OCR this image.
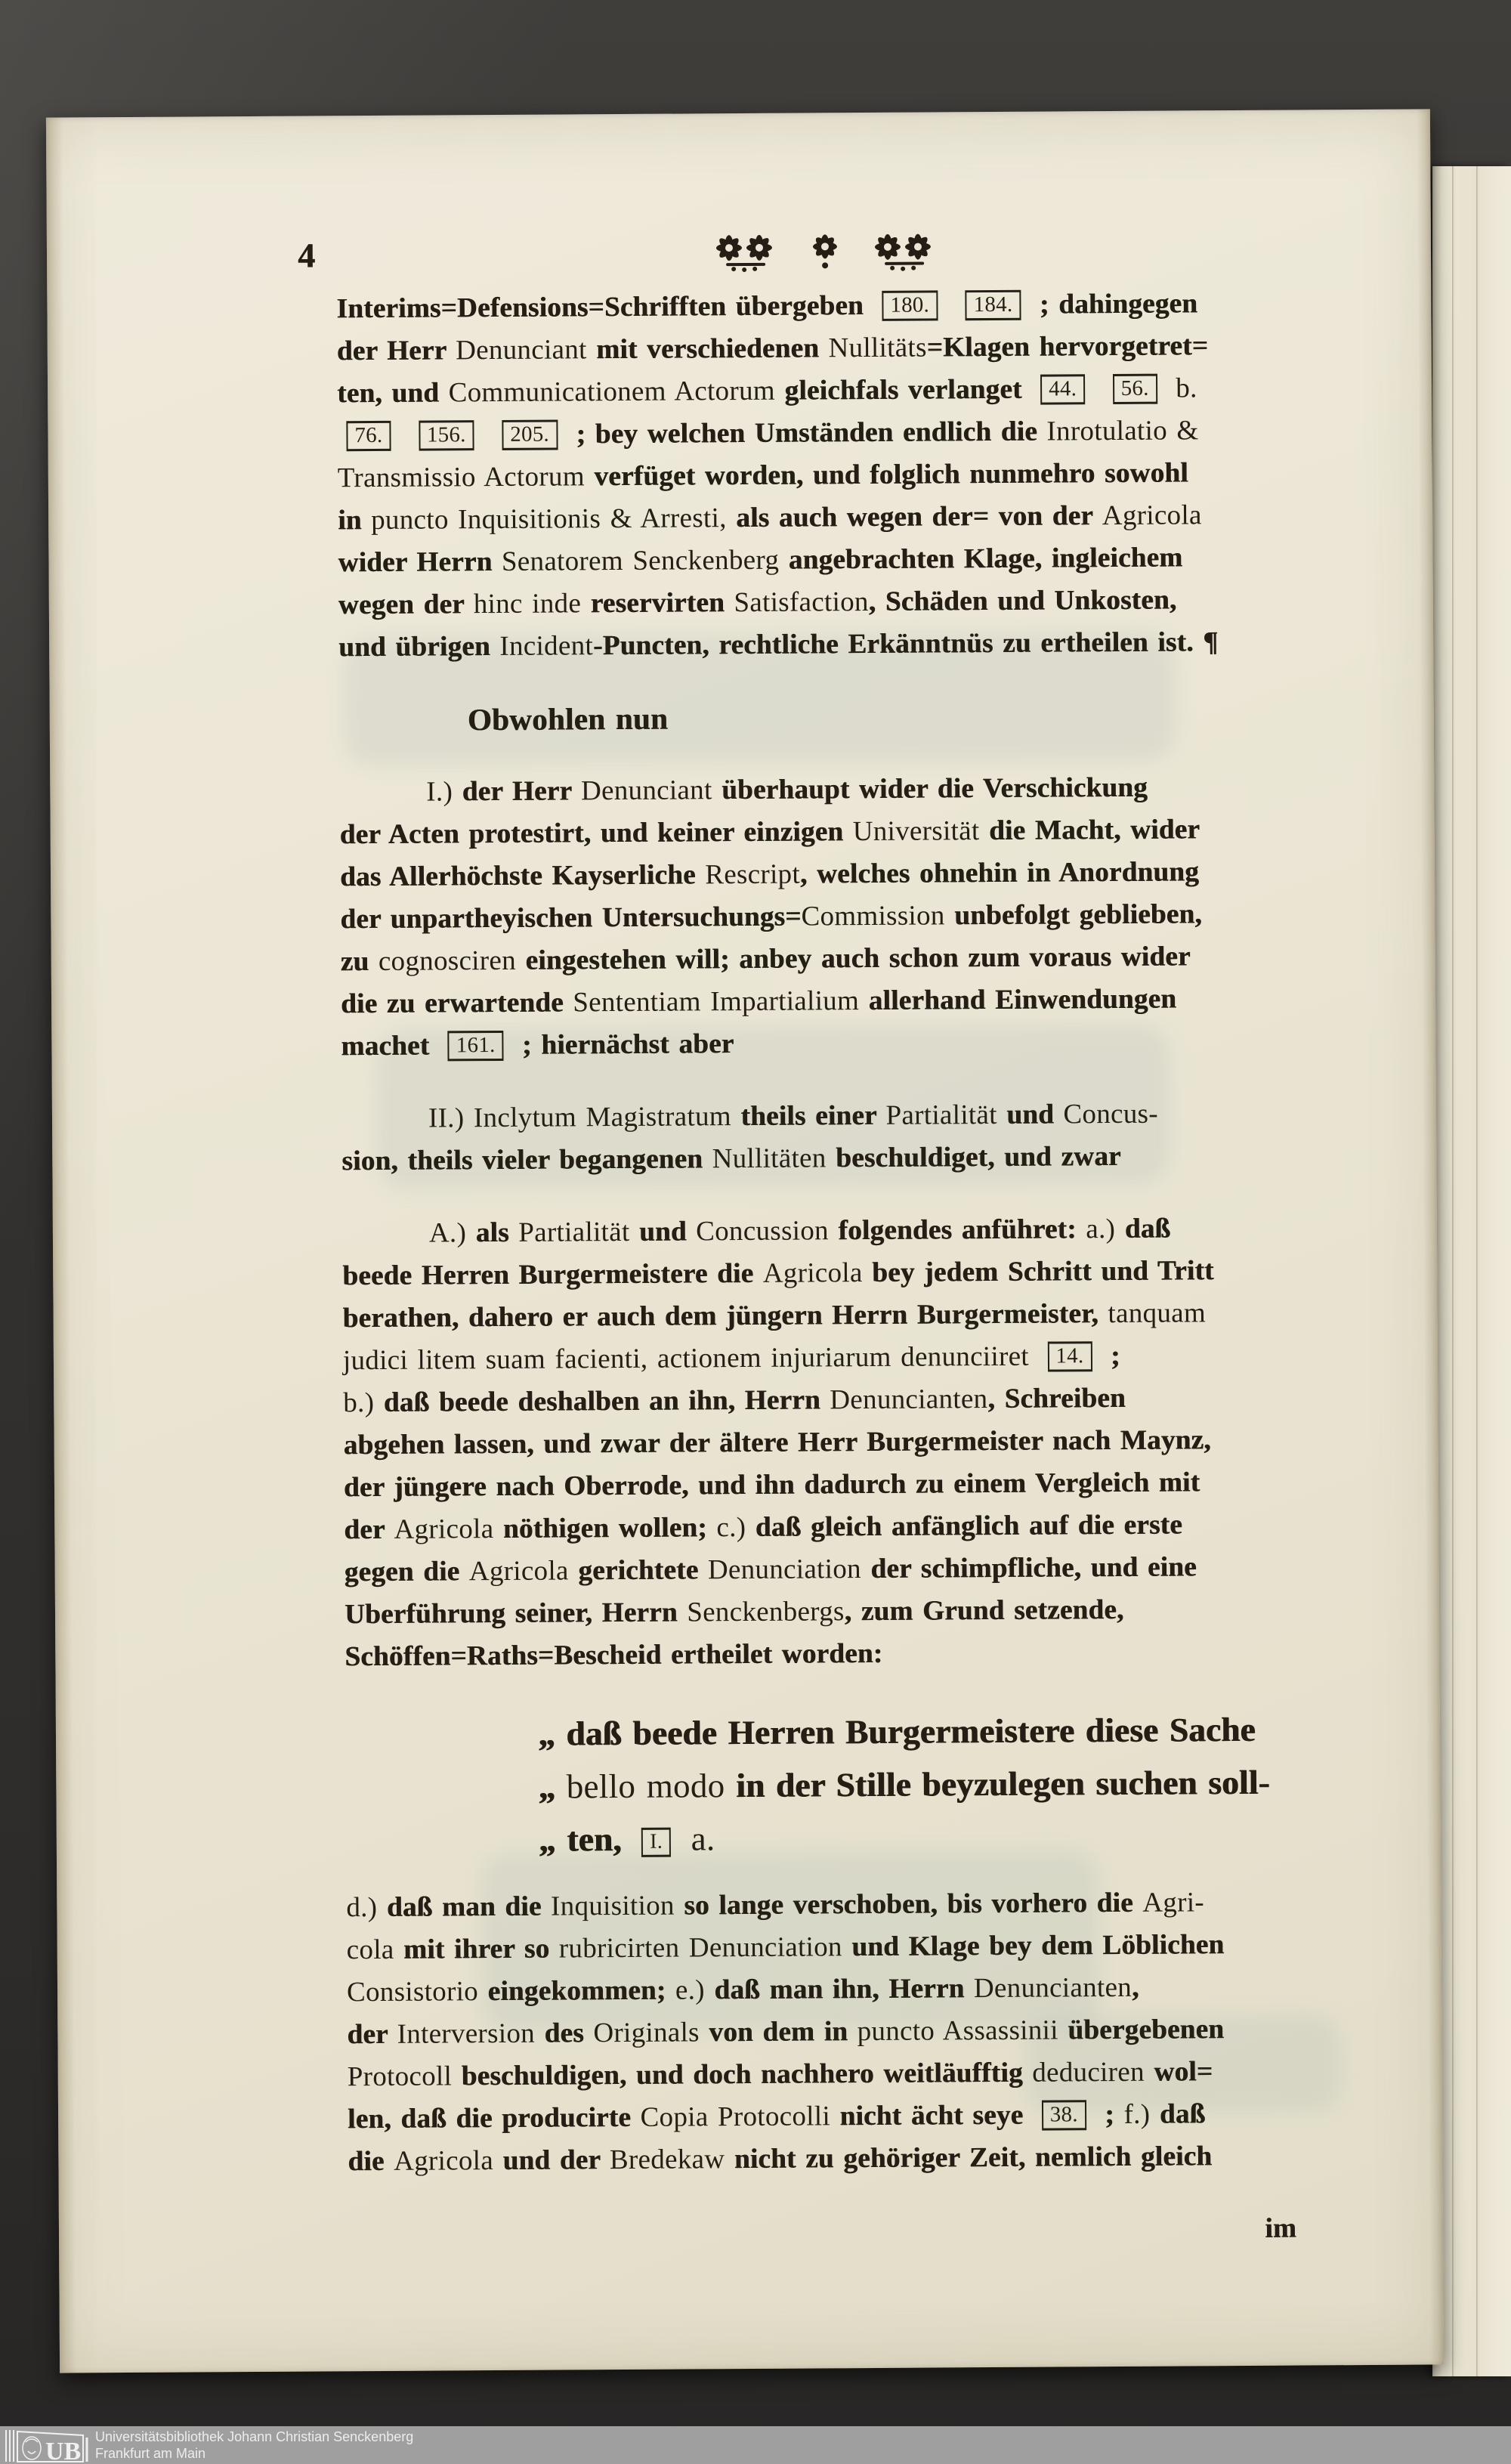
4
Interims=Defensions=Schrifften übergeben 180. 184. ; dahingegen
der Herr Denunciant mit verschiedenen Nullitäts=Klagen hervorgetret=
ten, und Communicationem Actorum gleichfals verlanget 44. 56. b.
76. 156. 205. ; bey welchen Umständen endlich die Inrotulatio &
Transmissio Actorum verfüget worden, und folglich nunmehro sowohl
in puncto Inquisitionis & Arresti, als auch wegen der= von der Agricola
wider Herrn Senatorem Senckenberg angebrachten Klage, ingleichem
wegen der hinc inde reservirten Satisfaction, Schäden und Unkosten,
und übrigen Incident-Puncten, rechtliche Erkänntnüs zu ertheilen ist. ¶
Obwohlen nun
I.) der Herr Denunciant überhaupt wider die Verschickung
der Acten protestirt, und keiner einzigen Universität die Macht, wider
das Allerhöchste Kayserliche Rescript, welches ohnehin in Anordnung
der unpartheyischen Untersuchungs=Commission unbefolgt geblieben,
zu cognosciren eingestehen will; anbey auch schon zum voraus wider
die zu erwartende Sententiam Impartialium allerhand Einwendungen
machet 161. ; hiernächst aber
II.) Inclytum Magistratum theils einer Partialität und Concus-
sion, theils vieler begangenen Nullitäten beschuldiget, und zwar
A.) als Partialität und Concussion folgendes anführet: a.) daß
beede Herren Burgermeistere die Agricola bey jedem Schritt und Tritt
berathen, dahero er auch dem jüngern Herrn Burgermeister, tanquam
judici litem suam facienti, actionem injuriarum denunciiret 14. ;
b.) daß beede deshalben an ihn, Herrn Denuncianten, Schreiben
abgehen lassen, und zwar der ältere Herr Burgermeister nach Maynz,
der jüngere nach Oberrode, und ihn dadurch zu einem Vergleich mit
der Agricola nöthigen wollen; c.) daß gleich anfänglich auf die erste
gegen die Agricola gerichtete Denunciation der schimpfliche, und eine
Uberführung seiner, Herrn Senckenbergs, zum Grund setzende,
Schöffen=Raths=Bescheid ertheilet worden:
„ daß beede Herren Burgermeistere diese Sache
„ bello modo in der Stille beyzulegen suchen soll-
„ ten, I. a.
d.) daß man die Inquisition so lange verschoben, bis vorhero die Agri-
cola mit ihrer so rubricirten Denunciation und Klage bey dem Löblichen
Consistorio eingekommen; e.) daß man ihn, Herrn Denuncianten,
der Interversion des Originals von dem in puncto Assassinii übergebenen
Protocoll beschuldigen, und doch nachhero weitläufftig deduciren wol=
len, daß die producirte Copia Protocolli nicht ächt seye 38. ; f.) daß
die Agricola und der Bredekaw nicht zu gehöriger Zeit, nemlich gleich
im
UB
Universitätsbibliothek Johann Christian Senckenberg
Frankfurt am Main
